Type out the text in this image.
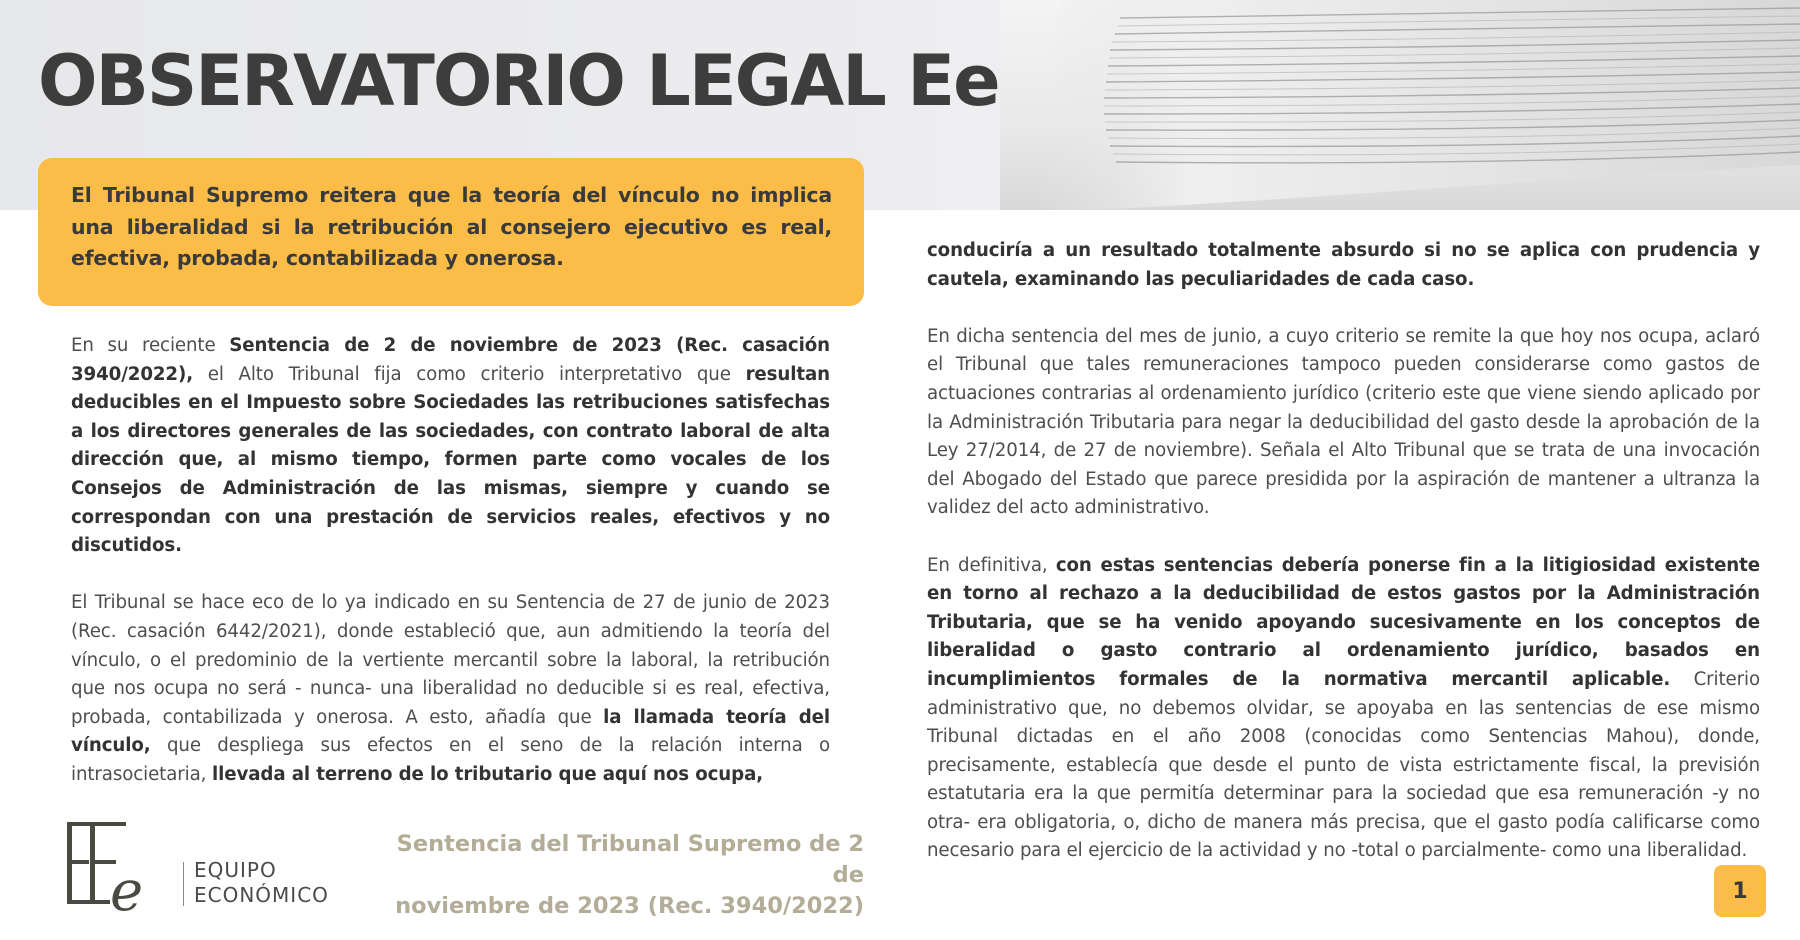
OBSERVATORIO LEGAL Ee

El Tribunal Supremo reitera que la teoría del vínculo no implica una liberalidad si la retribución al consejero ejecutivo es real, efectiva, probada, contabilizada y onerosa.

En su reciente Sentencia de 2 de noviembre de 2023 (Rec. casación 3940/2022), el Alto Tribunal fija como criterio interpretativo que resultan deducibles en el Impuesto sobre Sociedades las retribuciones satisfechas a los directores generales de las sociedades, con contrato laboral de alta dirección que, al mismo tiempo, formen parte como vocales de los Consejos de Administración de las mismas, siempre y cuando se correspondan con una prestación de servicios reales, efectivos y no discutidos.

El Tribunal se hace eco de lo ya indicado en su Sentencia de 27 de junio de 2023 (Rec. casación 6442/2021), donde estableció que, aun admitiendo la teoría del vínculo, o el predominio de la vertiente mercantil sobre la laboral, la retribución que nos ocupa no será - nunca- una liberalidad no deducible si es real, efectiva, probada, contabilizada y onerosa. A esto, añadía que la llamada teoría del vínculo, que despliega sus efectos en el seno de la relación interna o intrasocietaria, llevada al terreno de lo tributario que aquí nos ocupa,

conduciría a un resultado totalmente absurdo si no se aplica con prudencia y cautela, examinando las peculiaridades de cada caso.

En dicha sentencia del mes de junio, a cuyo criterio se remite la que hoy nos ocupa, aclaró el Tribunal que tales remuneraciones tampoco pueden considerarse como gastos de actuaciones contrarias al ordenamiento jurídico (criterio este que viene siendo aplicado por la Administración Tributaria para negar la deducibilidad del gasto desde la aprobación de la Ley 27/2014, de 27 de noviembre). Señala el Alto Tribunal que se trata de una invocación del Abogado del Estado que parece presidida por la aspiración de mantener a ultranza la validez del acto administrativo.

En definitiva, con estas sentencias debería ponerse fin a la litigiosidad existente en torno al rechazo a la deducibilidad de estos gastos por la Administración Tributaria, que se ha venido apoyando sucesivamente en los conceptos de liberalidad o gasto contrario al ordenamiento jurídico, basados en incumplimientos formales de la normativa mercantil aplicable. Criterio administrativo que, no debemos olvidar, se apoyaba en las sentencias de ese mismo Tribunal dictadas en el año 2008 (conocidas como Sentencias Mahou), donde, precisamente, establecía que desde el punto de vista estrictamente fiscal, la previsión estatutaria era la que permitía determinar para la sociedad que esa remuneración -y no otra- era obligatoria, o, dicho de manera más precisa, que el gasto podía calificarse como necesario para el ejercicio de la actividad y no -total o parcialmente- como una liberalidad.

e	EQUIPO
ECONÓMICO
Sentencia del Tribunal Supremo de 2 de
noviembre de 2023 (Rec. 3940/2022)
1
